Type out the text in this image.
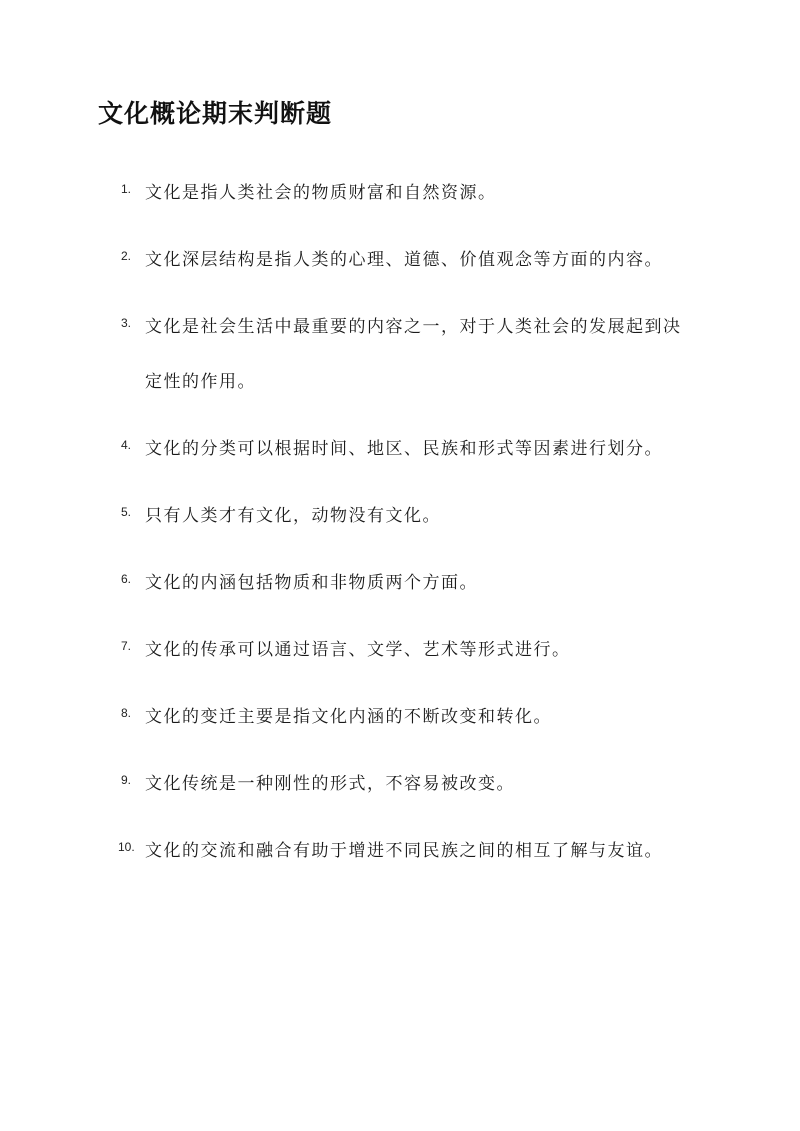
文化概论期末判断题
1. 文化是指人类社会的物质财富和自然资源。
2. 文化深层结构是指人类的心理、道德、价值观念等方面的内容。
3. 文化是社会生活中最重要的内容之一，对于人类社会的发展起到决定性的作用。
4. 文化的分类可以根据时间、地区、民族和形式等因素进行划分。
5. 只有人类才有文化，动物没有文化。
6. 文化的内涵包括物质和非物质两个方面。
7. 文化的传承可以通过语言、文学、艺术等形式进行。
8. 文化的变迁主要是指文化内涵的不断改变和转化。
9. 文化传统是一种刚性的形式，不容易被改变。
10. 文化的交流和融合有助于增进不同民族之间的相互了解与友谊。
